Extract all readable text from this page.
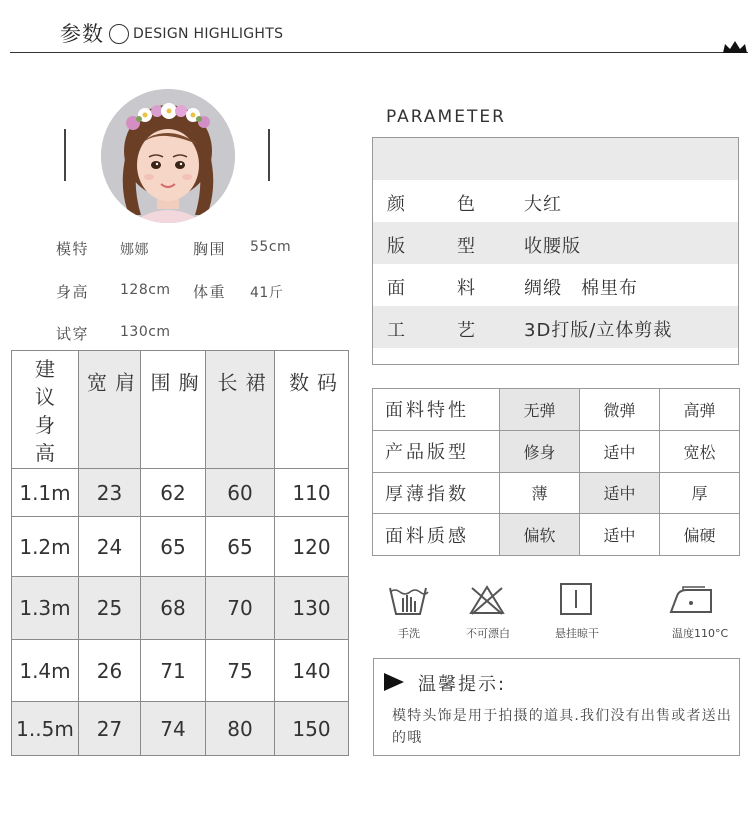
参数 DESIGN HIGHLIGHTS
模特 娜娜	胸围 55cm
身高 128cm 体重 41斤
试穿 130cm
建议身高	肩宽	胸围	裙长	码数

1.1m	23	62	60	110
1.2m	24	65	65	120
1.3m	25	68	70	130
1.4m	26	71	75	140
1..5m	27	74	80	150
PARAMETER
颜	色	大红
版	型	收腰版
面	料	绸缎　棉里布
工	艺	3D打版/立体剪裁
面料特性	无弹	微弹	高弹
产品版型	修身	适中	宽松
厚薄指数	薄	适中	厚
面料质感	偏软	适中	偏硬
手洗	不可漂白	悬挂晾干	温度110°C
温馨提示:
模特头饰是用于拍摄的道具.我们没有出售或者送出的哦
